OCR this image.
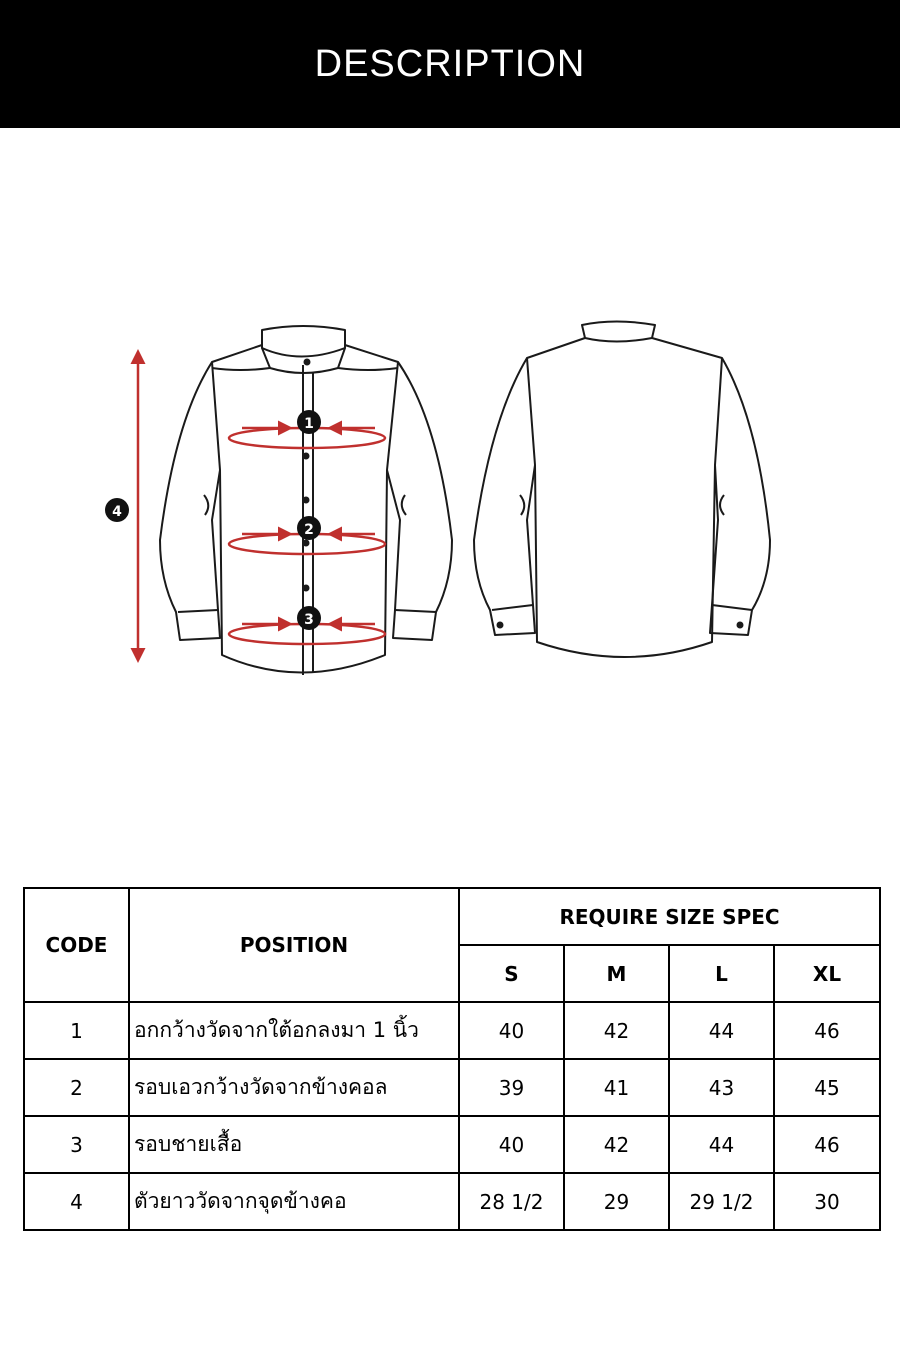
DESCRIPTION
1
2
3
4
CODE	POSITION	REQUIRE SIZE SPEC			
		S	M	L	XL
1	อกกว้างวัดจากใต้อกลงมา 1 นิ้ว	40	42	44	46
2	รอบเอวกว้างวัดจากข้างคอล	39	41	43	45
3	รอบชายเสื้อ	40	42	44	46
4	ตัวยาววัดจากจุดข้างคอ	28 1/2	29	29 1/2	30
